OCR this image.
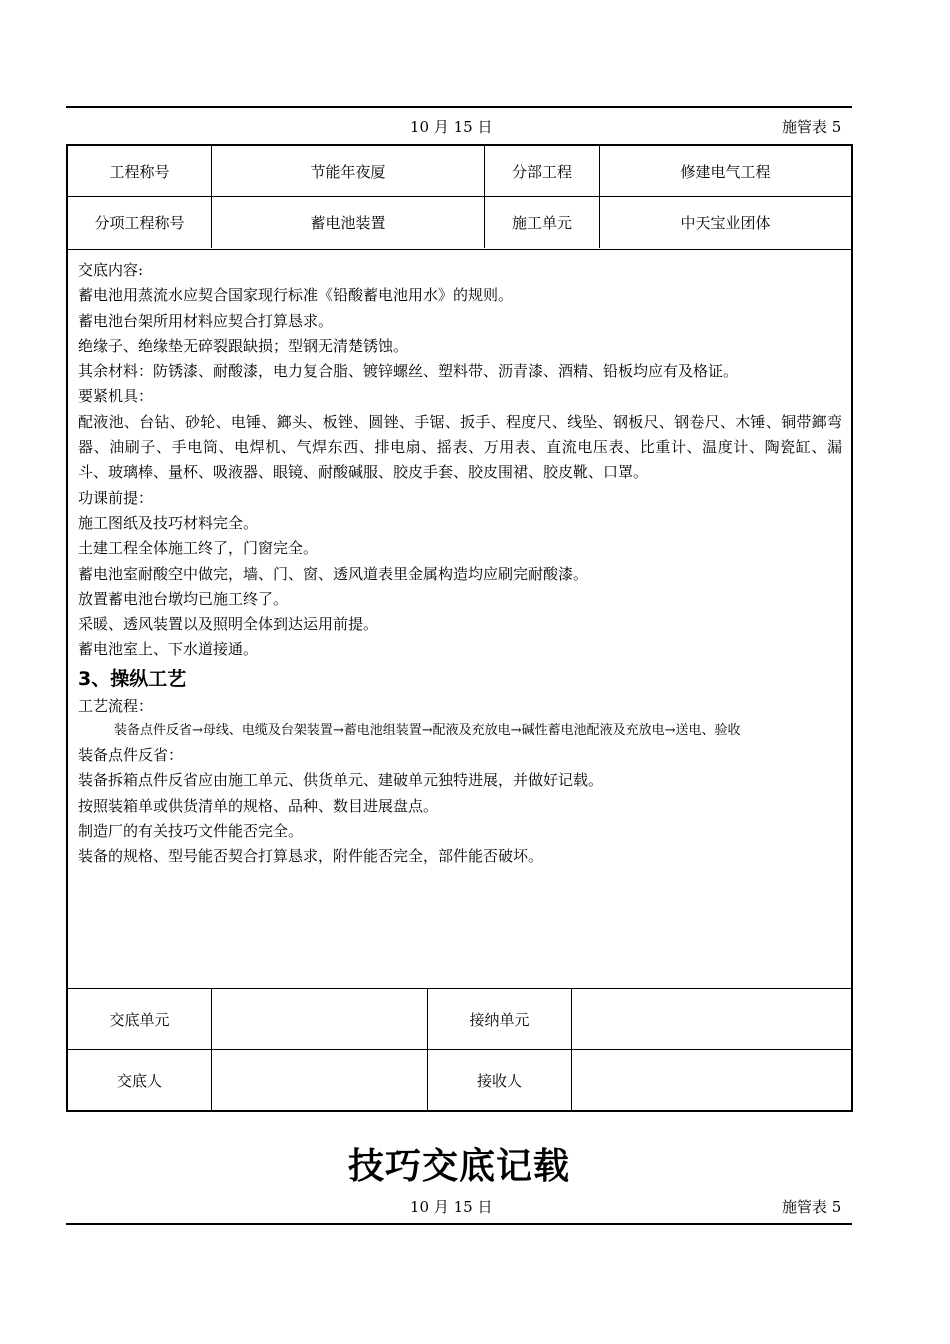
10 月 15 日	施管表 5
工程称号	节能年夜厦	分部工程	修建电气工程
分项工程称号	蓄电池装置	施工单元	中天宝业团体

交底内容:

蓄电池用蒸流水应契合国家现行标准《铅酸蓄电池用水》的规则。

蓄电池台架所用材料应契合打算恳求。

绝缘子、绝缘垫无碎裂跟缺损；型钢无清楚锈蚀。

其余材料：防锈漆、耐酸漆，电力复合脂、镀锌螺丝、塑料带、沥青漆、酒精、铅板均应有及格证。

要紧机具：

配液池、台钻、砂轮、电锤、鎯头、板锉、圆锉、手锯、扳手、程度尺、线坠、钢板尺、钢卷尺、木锤、铜带鎯弯器、油刷子、手电筒、电焊机、气焊东西、排电扇、摇表、万用表、直流电压表、比重计、温度计、陶瓷缸、漏斗、玻璃棒、量杯、吸液器、眼镜、耐酸碱服、胶皮手套、胶皮围裙、胶皮靴、口罩。

功课前提：

施工图纸及技巧材料完全。

土建工程全体施工终了，门窗完全。

蓄电池室耐酸空中做完，墙、门、窗、透风道表里金属构造均应刷完耐酸漆。

放置蓄电池台墩均已施工终了。

采暖、透风装置以及照明全体到达运用前提。

蓄电池室上、下水道接通。

3、操纵工艺

工艺流程：

装备点件反省→母线、电缆及台架装置→蓄电池组装置→配液及充放电→碱性蓄电池配液及充放电→送电、验收

装备点件反省：

装备拆箱点件反省应由施工单元、供货单元、建破单元独特进展，并做好记载。

按照装箱单或供货清单的规格、品种、数目进展盘点。

制造厂的有关技巧文件能否完全。

装备的规格、型号能否契合打算恳求，附件能否完全，部件能否破坏。

交底单元	接纳单元
交底人	接收人
技巧交底记载
10 月 15 日	施管表 5
